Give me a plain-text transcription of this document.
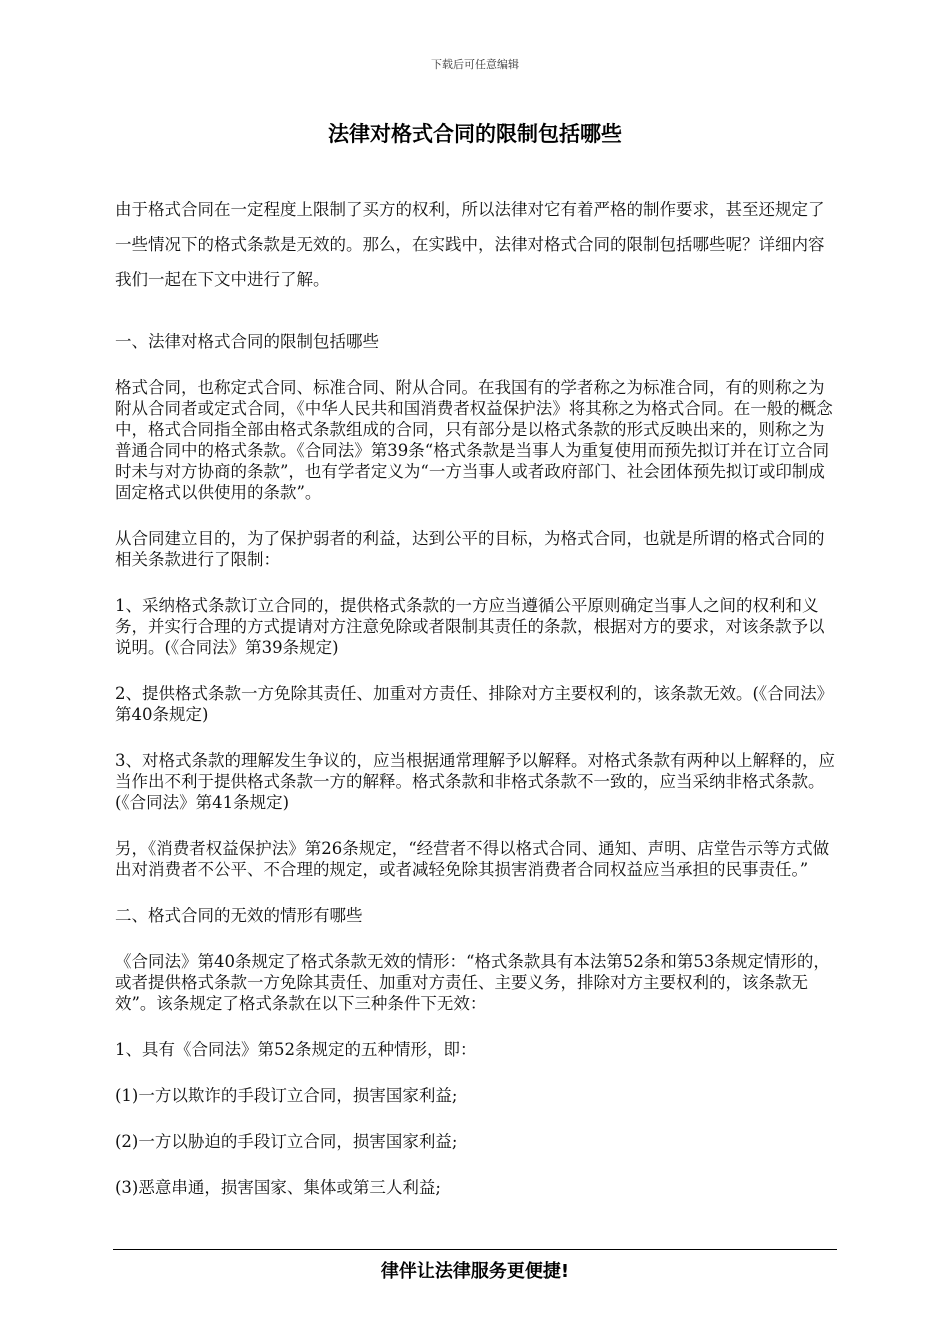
下载后可任意编辑
法律对格式合同的限制包括哪些

由于格式合同在一定程度上限制了买方的权利，所以法律对它有着严格的制作要求，甚至还规定了一些情况下的格式条款是无效的。那么，在实践中，法律对格式合同的限制包括哪些呢？详细内容我们一起在下文中进行了解。

一、法律对格式合同的限制包括哪些

格式合同，也称定式合同、标准合同、附从合同。在我国有的学者称之为标准合同，有的则称之为附从合同者或定式合同，《中华人民共和国消费者权益保护法》将其称之为格式合同。在一般的概念中，格式合同指全部由格式条款组成的合同，只有部分是以格式条款的形式反映出来的，则称之为普通合同中的格式条款。《合同法》第39条“格式条款是当事人为重复使用而预先拟订并在订立合同时未与对方协商的条款”，也有学者定义为“一方当事人或者政府部门、社会团体预先拟订或印制成固定格式以供使用的条款”。

从合同建立目的，为了保护弱者的利益，达到公平的目标，为格式合同，也就是所谓的格式合同的相关条款进行了限制：

1、采纳格式条款订立合同的，提供格式条款的一方应当遵循公平原则确定当事人之间的权利和义务，并实行合理的方式提请对方注意免除或者限制其责任的条款，根据对方的要求，对该条款予以说明。(《合同法》第39条规定)

2、提供格式条款一方免除其责任、加重对方责任、排除对方主要权利的，该条款无效。(《合同法》第40条规定)

3、对格式条款的理解发生争议的，应当根据通常理解予以解释。对格式条款有两种以上解释的，应当作出不利于提供格式条款一方的解释。格式条款和非格式条款不一致的，应当采纳非格式条款。(《合同法》第41条规定)

另，《消费者权益保护法》第26条规定，“经营者不得以格式合同、通知、声明、店堂告示等方式做出对消费者不公平、不合理的规定，或者减轻免除其损害消费者合同权益应当承担的民事责任。”

二、格式合同的无效的情形有哪些

《合同法》第40条规定了格式条款无效的情形：“格式条款具有本法第52条和第53条规定情形的，或者提供格式条款一方免除其责任、加重对方责任、主要义务，排除对方主要权利的，该条款无效”。该条规定了格式条款在以下三种条件下无效：

1、具有《合同法》第52条规定的五种情形，即：

(1)一方以欺诈的手段订立合同，损害国家利益;

(2)一方以胁迫的手段订立合同，损害国家利益;

(3)恶意串通，损害国家、集体或第三人利益;

律伴让法律服务更便捷!
